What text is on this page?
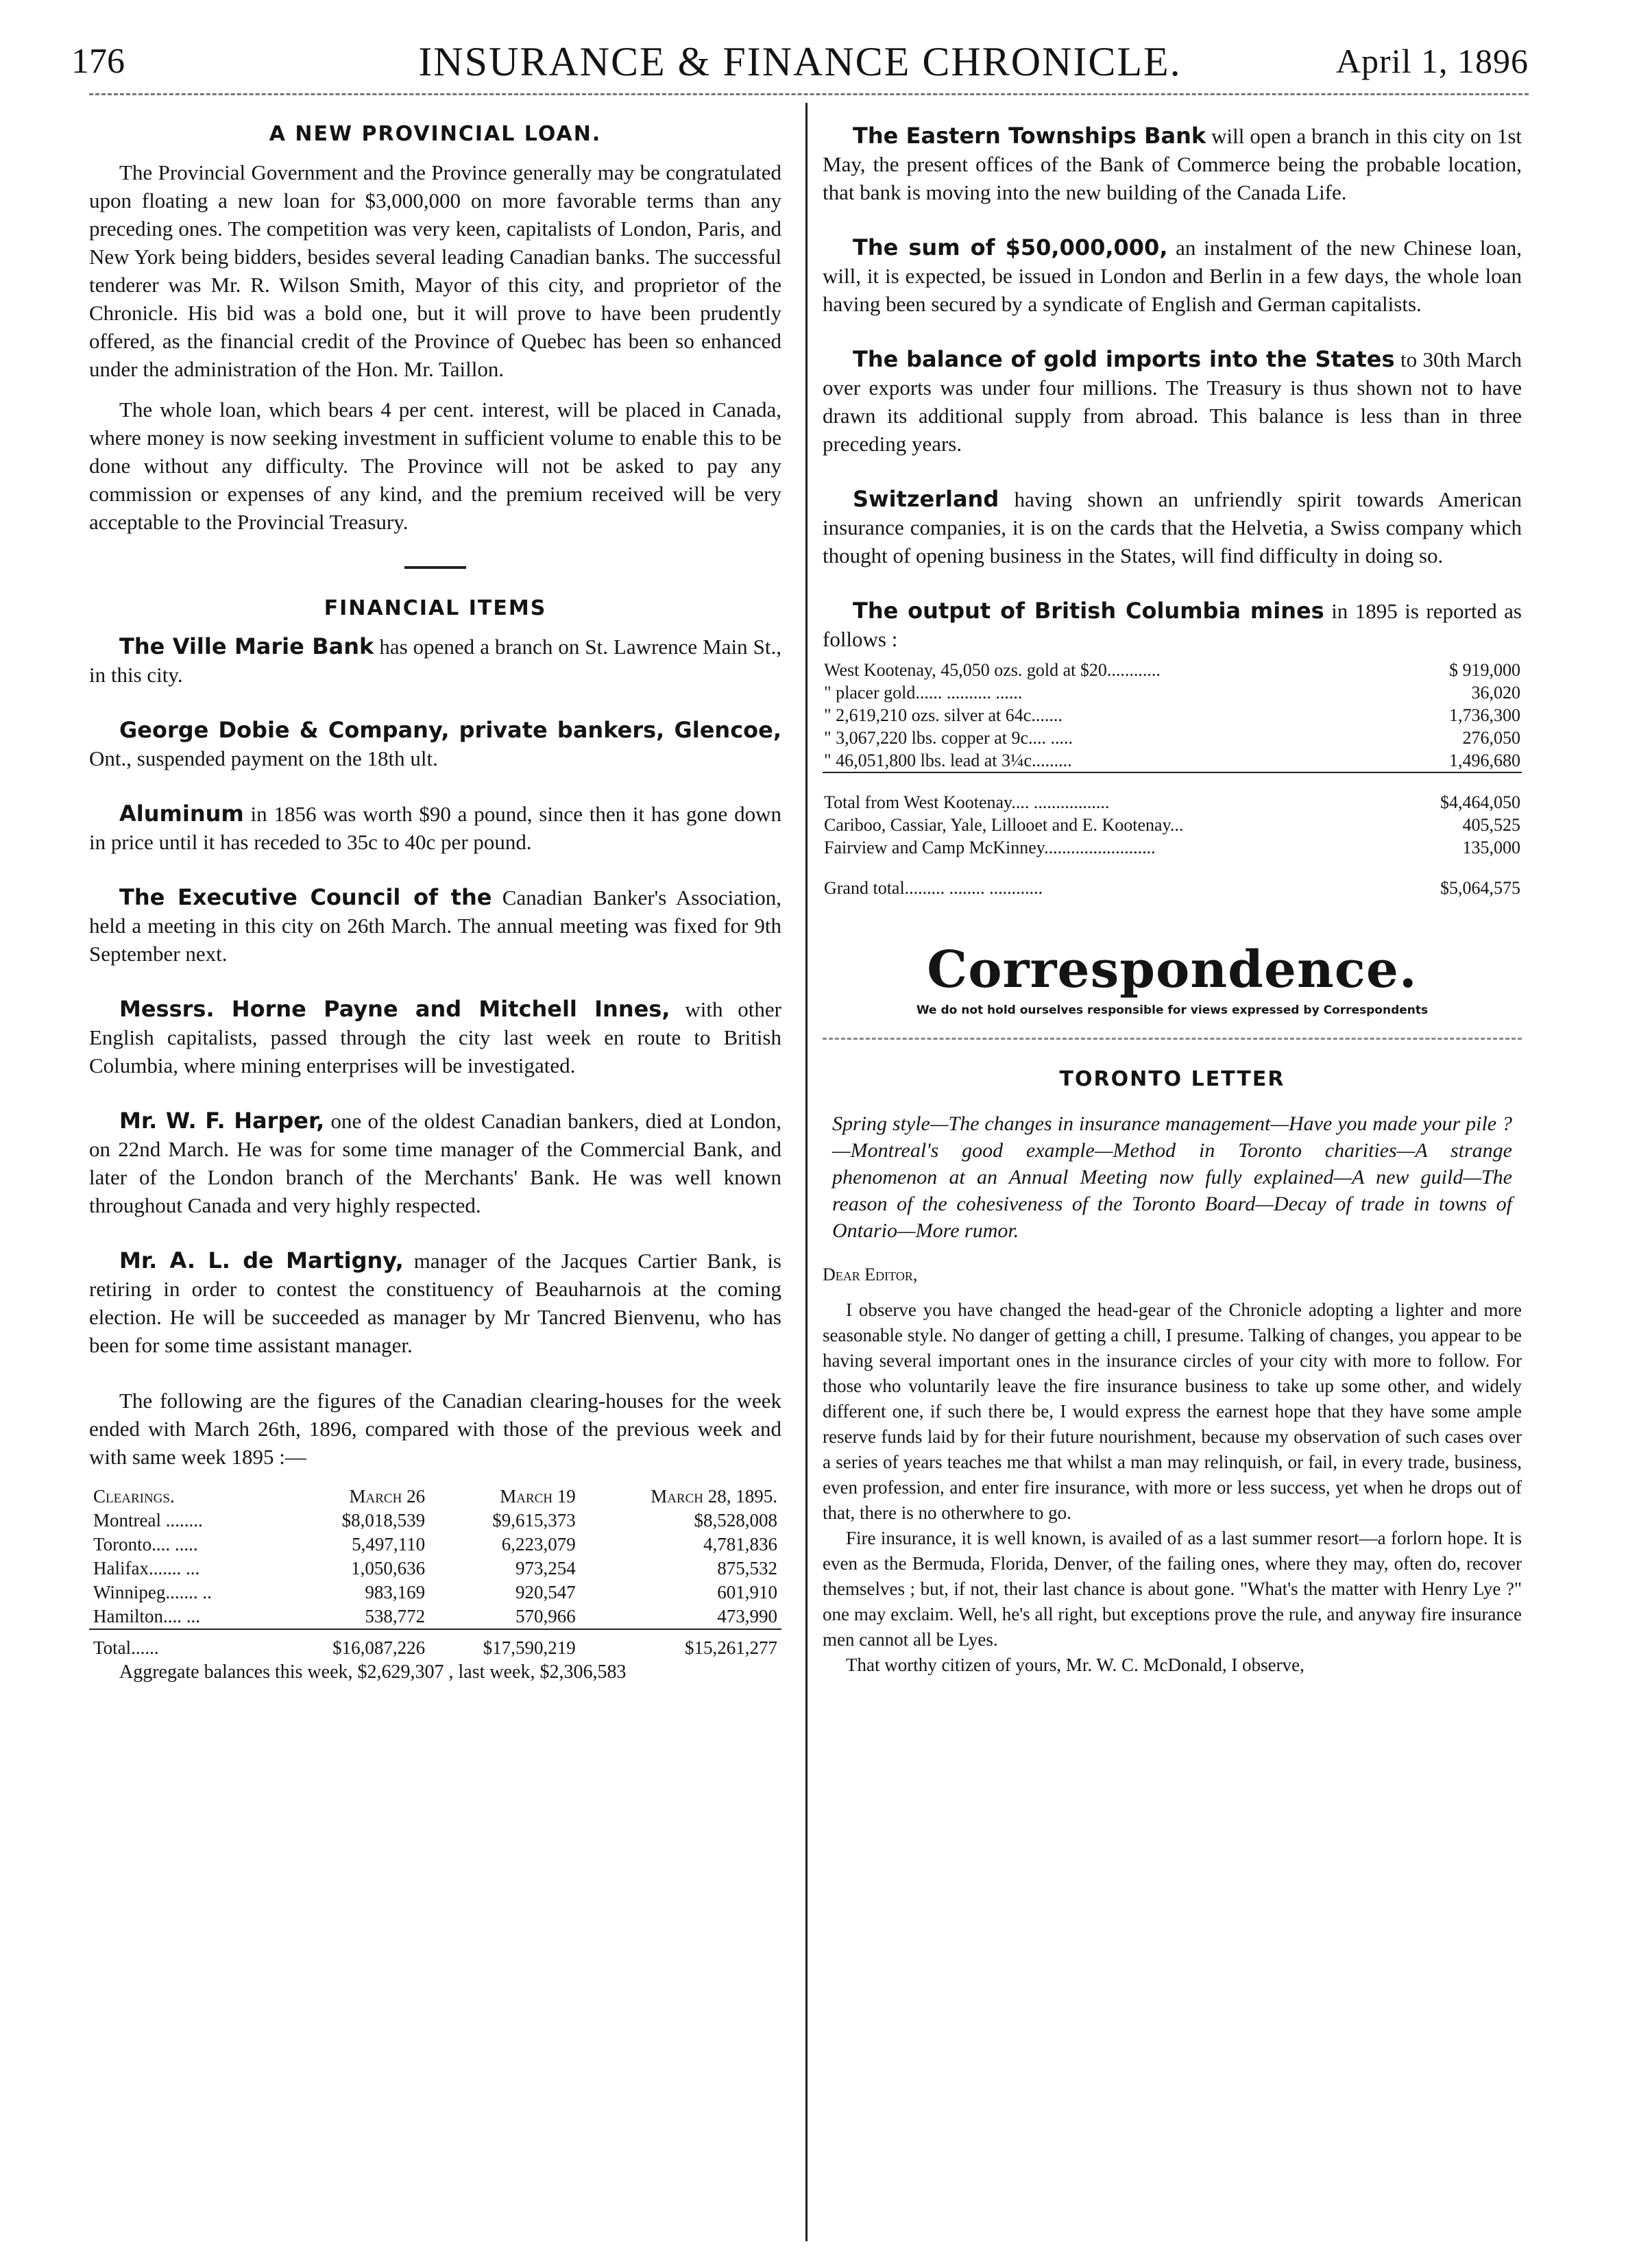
INSURANCE & FINANCE CHRONICLE.
176	April 1, 1896
A NEW PROVINCIAL LOAN.

The Provincial Government and the Province generally may be congratulated upon floating a new loan for $3,000,000 on more favorable terms than any preceding ones. The competition was very keen, capitalists of London, Paris, and New York being bidders, besides several leading Canadian banks. The successful tenderer was Mr. R. Wilson Smith, Mayor of this city, and proprietor of the Chronicle. His bid was a bold one, but it will prove to have been prudently offered, as the financial credit of the Province of Quebec has been so enhanced under the administration of the Hon. Mr. Taillon.

The whole loan, which bears 4 per cent. interest, will be placed in Canada, where money is now seeking investment in sufficient volume to enable this to be done without any difficulty. The Province will not be asked to pay any commission or expenses of any kind, and the premium received will be very acceptable to the Provincial Treasury.

FINANCIAL ITEMS

The Ville Marie Bank has opened a branch on St. Lawrence Main St., in this city.

George Dobie & Company, private bankers, Glencoe, Ont., suspended payment on the 18th ult.

Aluminum in 1856 was worth $90 a pound, since then it has gone down in price until it has receded to 35c to 40c per pound.

The Executive Council of the Canadian Banker's Association, held a meeting in this city on 26th March. The annual meeting was fixed for 9th September next.

Messrs. Horne Payne and Mitchell Innes, with other English capitalists, passed through the city last week en route to British Columbia, where mining enterprises will be investigated.

Mr. W. F. Harper, one of the oldest Canadian bankers, died at London, on 22nd March. He was for some time manager of the Commercial Bank, and later of the London branch of the Merchants' Bank. He was well known throughout Canada and very highly respected.

Mr. A. L. de Martigny, manager of the Jacques Cartier Bank, is retiring in order to contest the constituency of Beauharnois at the coming election. He will be succeeded as manager by Mr Tancred Bienvenu, who has been for some time assistant manager.

The following are the figures of the Canadian clearing-houses for the week ended with March 26th, 1896, compared with those of the previous week and with same week 1895 :—

Clearings.	March 26	March 19	March 28, 1895.
Montreal ........	$8,018,539	$9,615,373	$8,528,008
Toronto.... .....	5,497,110	6,223,079	4,781,836
Halifax....... ...	1,050,636	973,254	875,532
Winnipeg....... ..	983,169	920,547	601,910
Hamilton.... ...	538,772	570,966	473,990
Total......	$16,087,226	$17,590,219	$15,261,277

Aggregate balances this week, $2,629,307 , last week, $2,306,583

The Eastern Townships Bank will open a branch in this city on 1st May, the present offices of the Bank of Commerce being the probable location, that bank is moving into the new building of the Canada Life.

The sum of $50,000,000, an instalment of the new Chinese loan, will, it is expected, be issued in London and Berlin in a few days, the whole loan having been secured by a syndicate of English and German capitalists.

The balance of gold imports into the States to 30th March over exports was under four millions. The Treasury is thus shown not to have drawn its additional supply from abroad. This balance is less than in three preceding years.

Switzerland having shown an unfriendly spirit towards American insurance companies, it is on the cards that the Helvetia, a Swiss company which thought of opening business in the States, will find difficulty in doing so.

The output of British Columbia mines in 1895 is reported as follows :

West Kootenay, 45,050 ozs. gold at $20............	$ 919,000
" placer gold...... .......... ......	36,020
" 2,619,210 ozs. silver at 64c.......	1,736,300
" 3,067,220 lbs. copper at 9c.... .....	276,050
" 46,051,800 lbs. lead at 3¼c.........	1,496,680
Total from West Kootenay.... .................	$4,464,050
Cariboo, Cassiar, Yale, Lillooet and E. Kootenay...	405,525
Fairview and Camp McKinney.........................	135,000
Grand total......... ........ ............	$5,064,575
Correspondence.
We do not hold ourselves responsible for views expressed by Correspondents
TORONTO LETTER
Spring style—The changes in insurance management—Have you made your pile ?—Montreal's good example—Method in Toronto charities—A strange phenomenon at an Annual Meeting now fully explained—A new guild—The reason of the cohesiveness of the Toronto Board—Decay of trade in towns of Ontario—More rumor.
Dear Editor,

I observe you have changed the head-gear of the Chronicle adopting a lighter and more seasonable style. No danger of getting a chill, I presume. Talking of changes, you appear to be having several important ones in the insurance circles of your city with more to follow. For those who voluntarily leave the fire insurance business to take up some other, and widely different one, if such there be, I would express the earnest hope that they have some ample reserve funds laid by for their future nourishment, because my observation of such cases over a series of years teaches me that whilst a man may relinquish, or fail, in every trade, business, even profession, and enter fire insurance, with more or less success, yet when he drops out of that, there is no otherwhere to go.

Fire insurance, it is well known, is availed of as a last summer resort—a forlorn hope. It is even as the Bermuda, Florida, Denver, of the failing ones, where they may, often do, recover themselves ; but, if not, their last chance is about gone. "What's the matter with Henry Lye ?" one may exclaim. Well, he's all right, but exceptions prove the rule, and anyway fire insurance men cannot all be Lyes.

That worthy citizen of yours, Mr. W. C. McDonald, I observe,
